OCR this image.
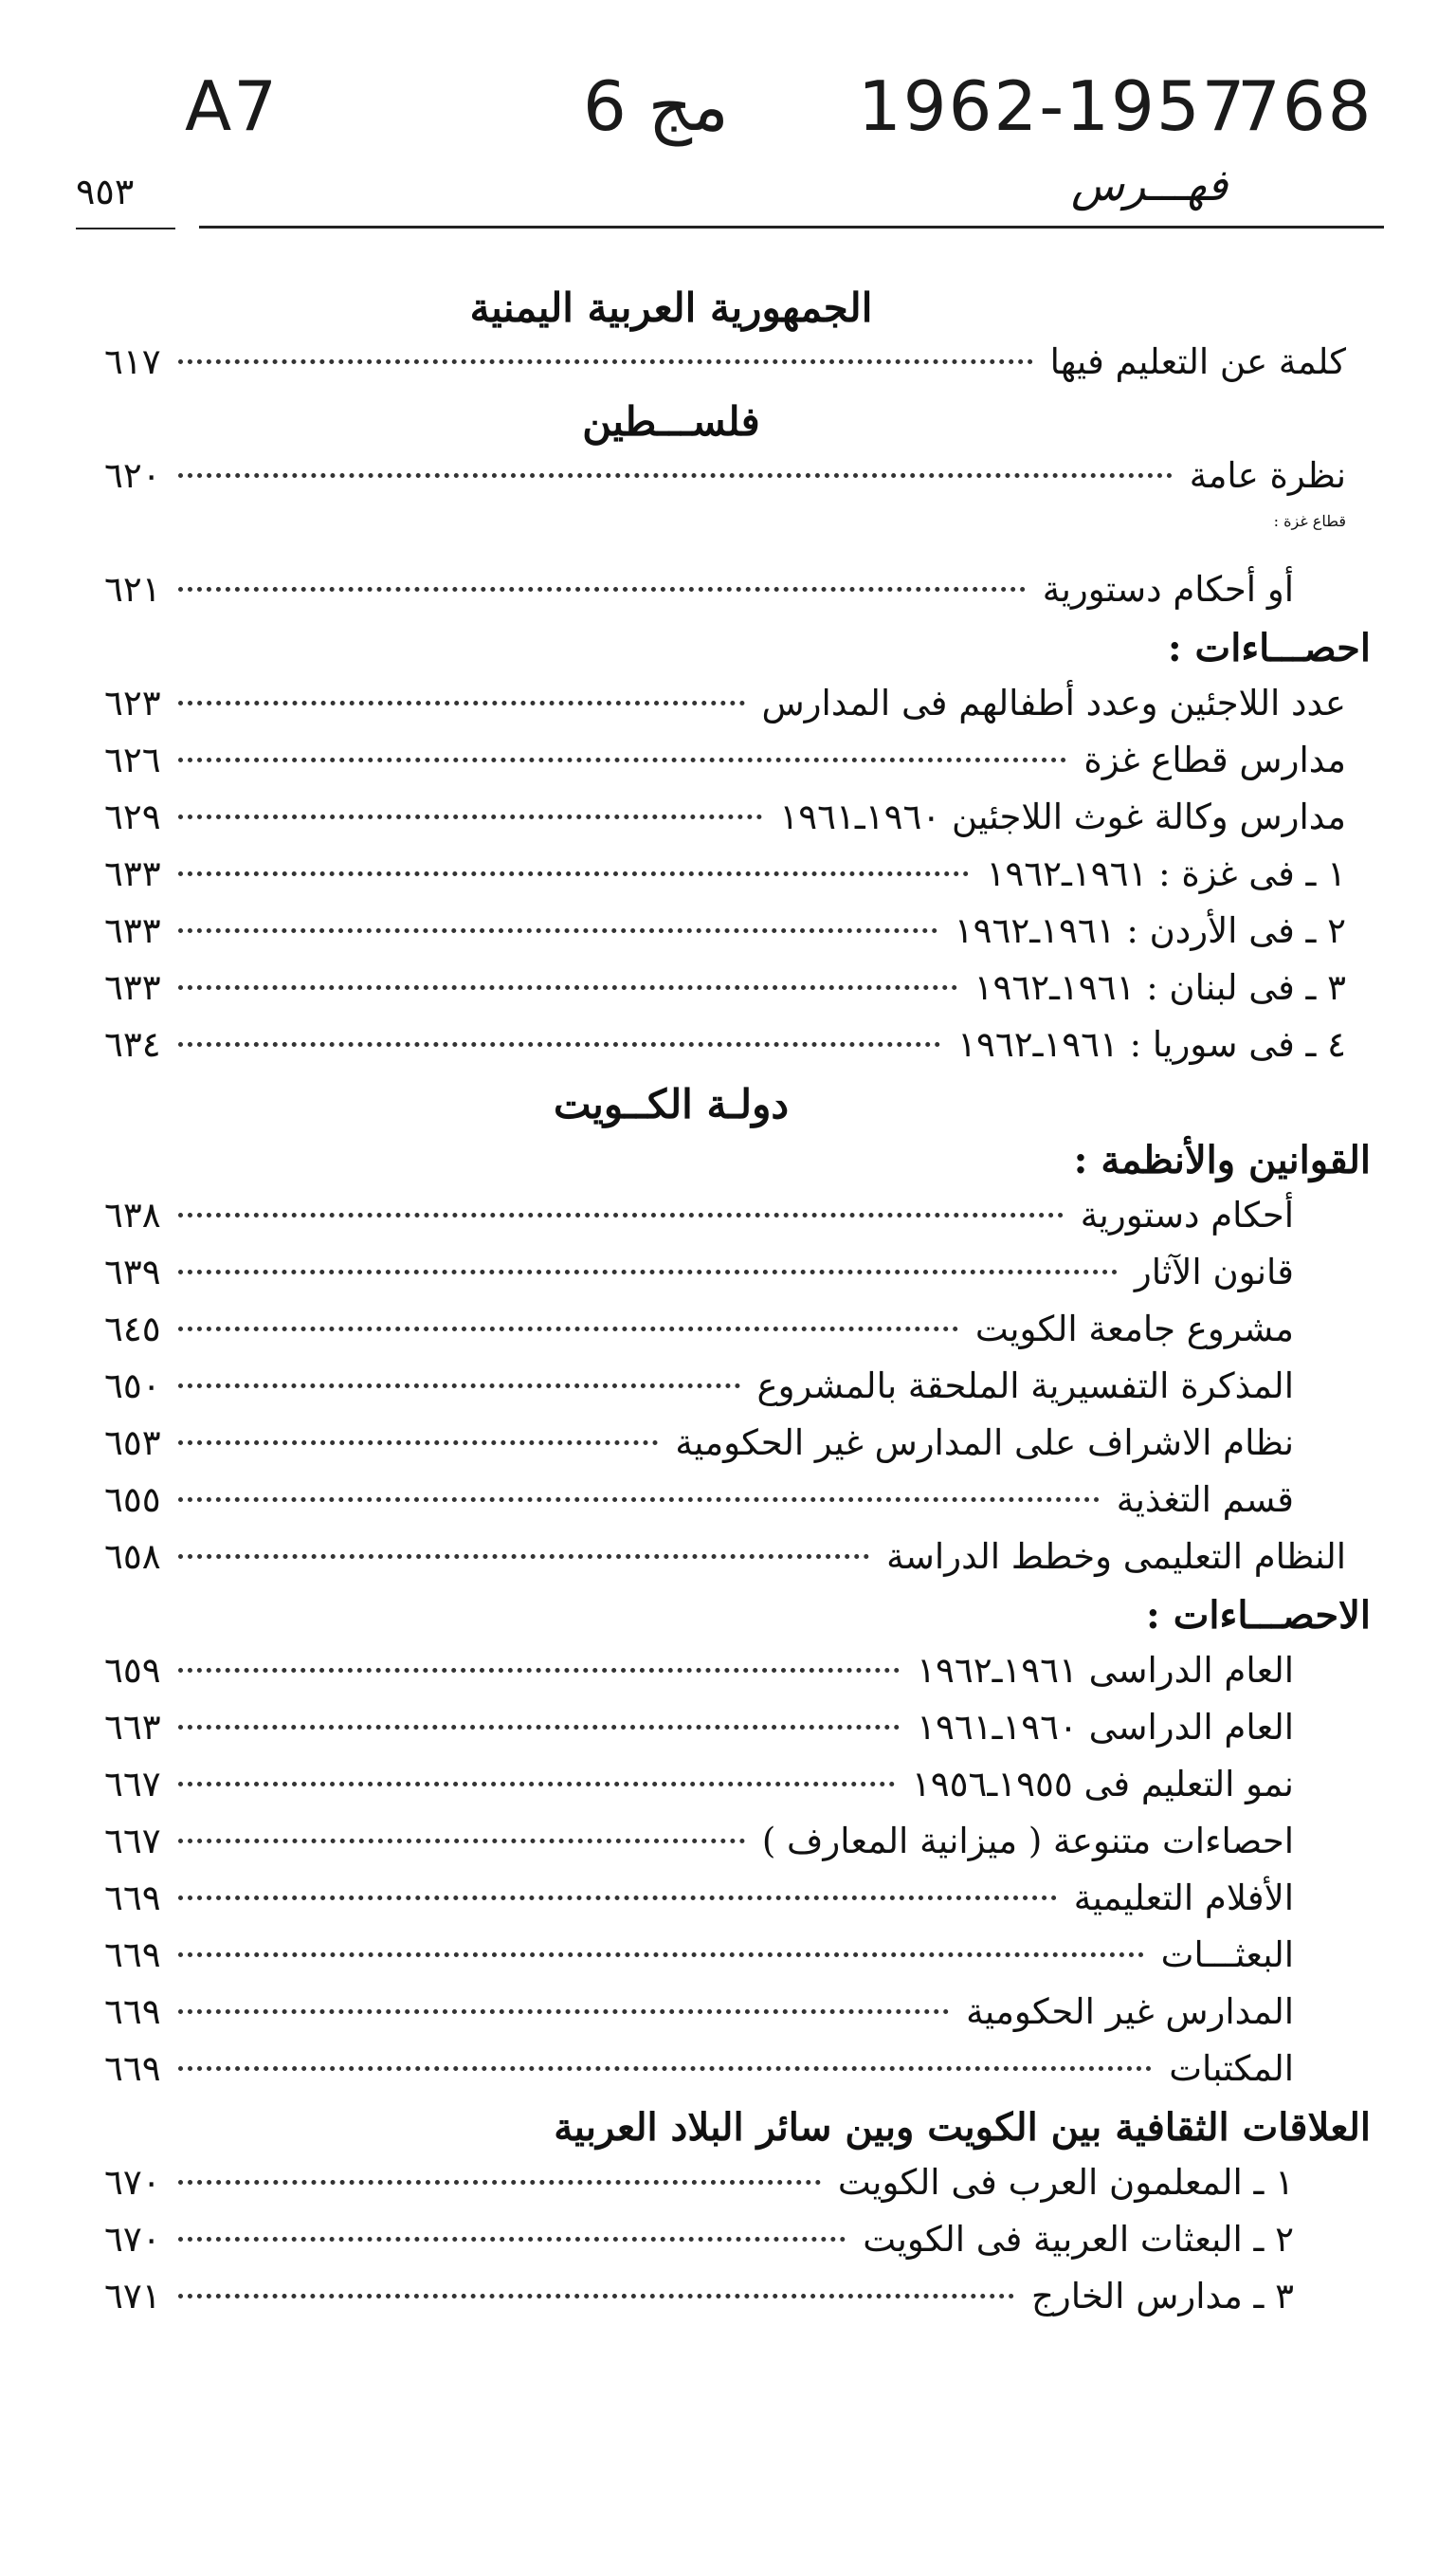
A7	مج 6 1962-1957
768
٩٥٣	فهـــرس
الجمهورية العربية اليمنية
كلمة عن التعليم فيها
٦١٧
فلســـطين
نظرة عامة
٦٢٠
قطاع غزة :
أو أحكام دستورية
٦٢١
احصـــاءات :
عدد اللاجئين وعدد أطفالهم فى المدارس
٦٢٣
مدارس قطاع غزة
٦٢٦
مدارس وكالة غوث اللاجئين ١٩٦٠ـ١٩٦١
٦٢٩
١ ـ فى غزة : ١٩٦١ـ١٩٦٢
٦٣٣
٢ ـ فى الأردن : ١٩٦١ـ١٩٦٢
٦٣٣
٣ ـ فى لبنان : ١٩٦١ـ١٩٦٢
٦٣٣
٤ ـ فى سوريا : ١٩٦١ـ١٩٦٢
٦٣٤
دولـة الكــويت
القوانين والأنظمة :
أحكام دستورية
٦٣٨
قانون الآثار
٦٣٩
مشروع جامعة الكويت
٦٤٥
المذكرة التفسيرية الملحقة بالمشروع
٦٥٠
نظام الاشراف على المدارس غير الحكومية
٦٥٣
قسم التغذية
٦٥٥
النظام التعليمى وخطط الدراسة
٦٥٨
الاحصـــاءات :
العام الدراسى ١٩٦١ـ١٩٦٢
٦٥٩
العام الدراسى ١٩٦٠ـ١٩٦١
٦٦٣
نمو التعليم فى ١٩٥٥ـ١٩٥٦
٦٦٧
احصاءات متنوعة ( ميزانية المعارف )
٦٦٧
الأفلام التعليمية
٦٦٩
البعثـــات
٦٦٩
المدارس غير الحكومية
٦٦٩
المكتبات
٦٦٩
العلاقات الثقافية بين الكويت وبين سائر البلاد العربية
١ ـ المعلمون العرب فى الكويت
٦٧٠
٢ ـ البعثات العربية فى الكويت
٦٧٠
٣ ـ مدارس الخارج
٦٧١
